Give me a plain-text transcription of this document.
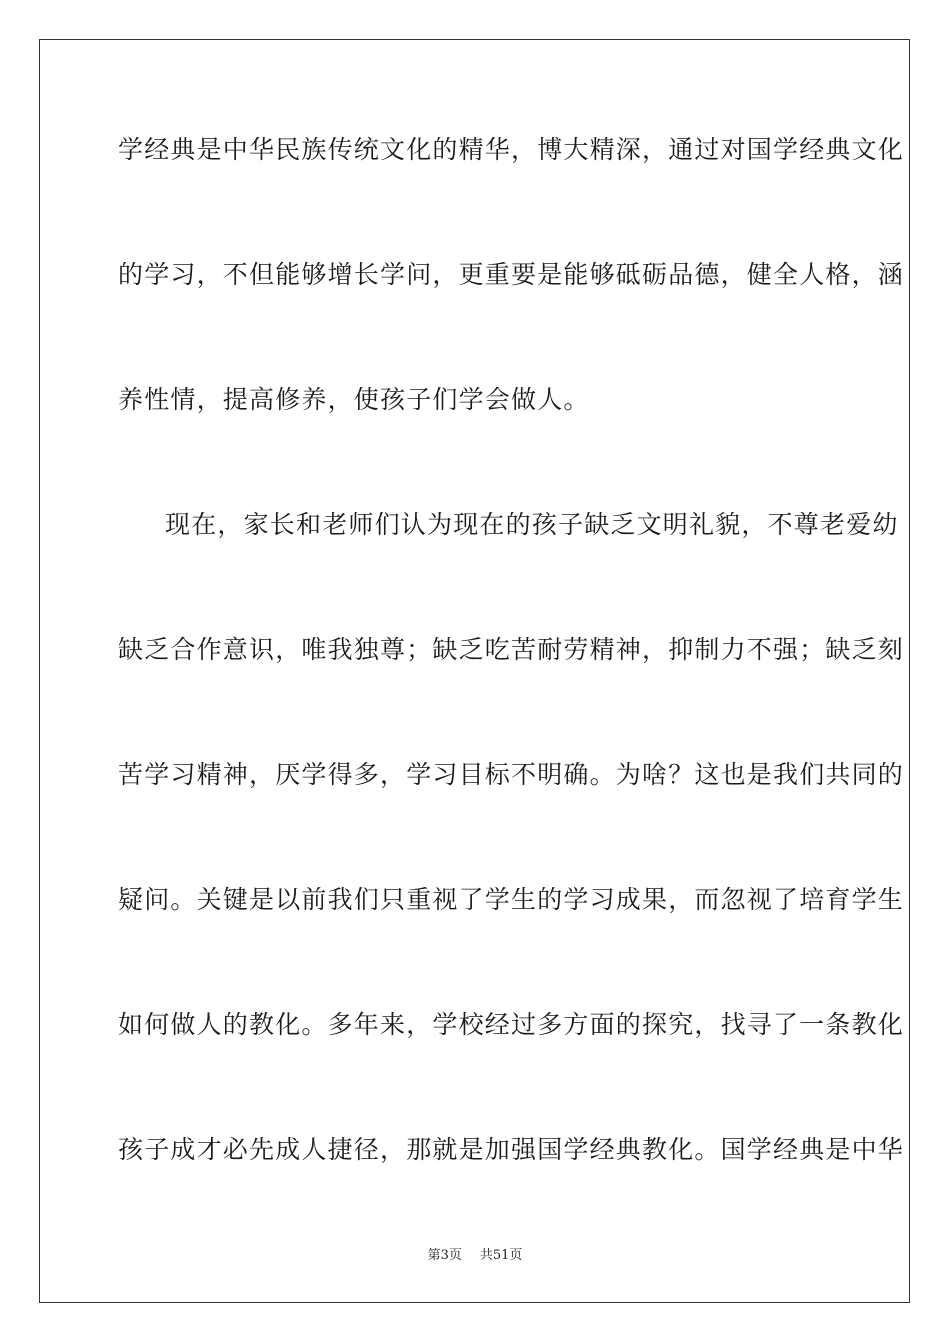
学经典是中华民族传统文化的精华，博大精深，通过对国学经典文化
的学习，不但能够增长学问，更重要是能够砥砺品德，健全人格，涵
养性情，提高修养，使孩子们学会做人。
现在，家长和老师们认为现在的孩子缺乏文明礼貌，不尊老爱幼
缺乏合作意识，唯我独尊；缺乏吃苦耐劳精神，抑制力不强；缺乏刻
苦学习精神，厌学得多，学习目标不明确。为啥？这也是我们共同的
疑问。关键是以前我们只重视了学生的学习成果，而忽视了培育学生
如何做人的教化。多年来，学校经过多方面的探究，找寻了一条教化
孩子成才必先成人捷径，那就是加强国学经典教化。国学经典是中华
第3页 共51页
